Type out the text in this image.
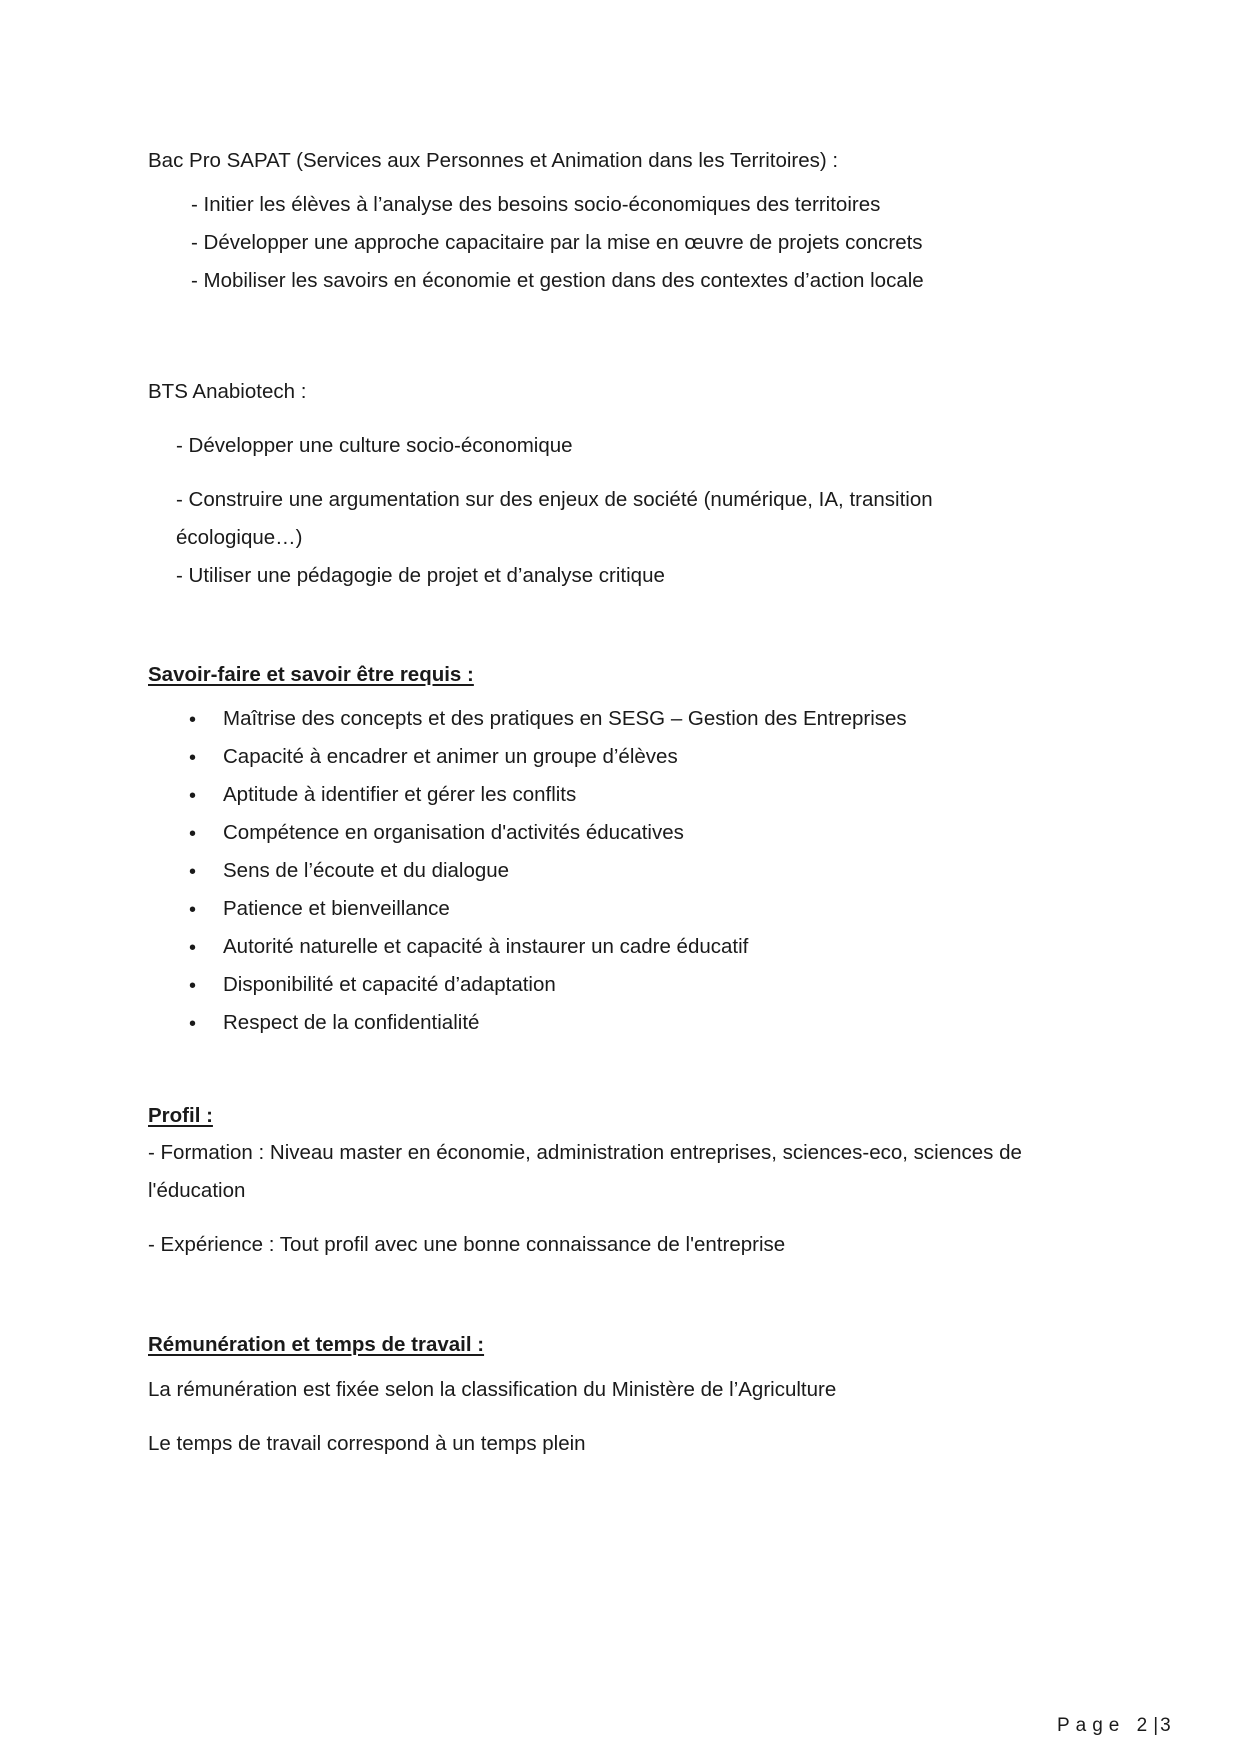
Bac Pro SAPAT (Services aux Personnes et Animation dans les Territoires) :
- Initier les élèves à l’analyse des besoins socio-économiques des territoires
- Développer une approche capacitaire par la mise en œuvre de projets concrets
- Mobiliser les savoirs en économie et gestion dans des contextes d’action locale
BTS Anabiotech :
- Développer une culture socio-économique
- Construire une argumentation sur des enjeux de société (numérique, IA, transition
écologique…)
- Utiliser une pédagogie de projet et d’analyse critique
Savoir-faire et savoir être requis :
• Maîtrise des concepts et des pratiques en SESG – Gestion des Entreprises
• Capacité à encadrer et animer un groupe d’élèves
• Aptitude à identifier et gérer les conflits
• Compétence en organisation d'activités éducatives
• Sens de l’écoute et du dialogue
• Patience et bienveillance
• Autorité naturelle et capacité à instaurer un cadre éducatif
• Disponibilité et capacité d’adaptation
• Respect de la confidentialité
Profil :
- Formation : Niveau master en économie, administration entreprises, sciences-eco, sciences de
l'éducation
- Expérience : Tout profil avec une bonne connaissance de l'entreprise
Rémunération et temps de travail :
La rémunération est fixée selon la classification du Ministère de l’Agriculture
Le temps de travail correspond à un temps plein
Page 2|3
